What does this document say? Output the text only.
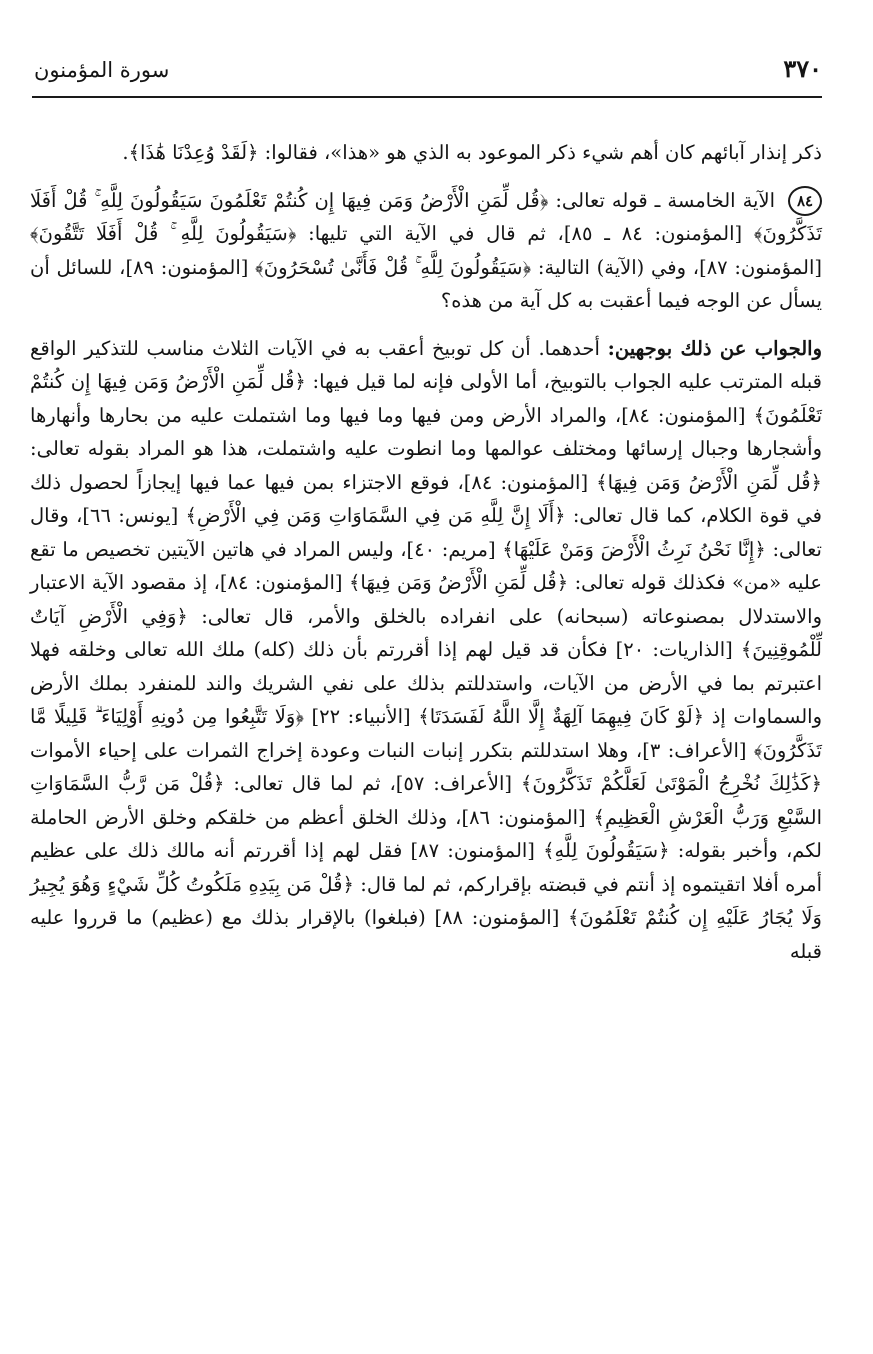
٣٧٠
سورة المؤمنون

ذكر إنذار آبائهم كان أهم شيء ذكر الموعود به الذي هو «هذا»، فقالوا: ﴿لَقَدْ وُعِدْنَا هَٰذَا﴾.

٨٤ الآية الخامسة ـ قوله تعالى: ﴿قُل لِّمَنِ الْأَرْضُ وَمَن فِيهَا إِن كُنتُمْ تَعْلَمُونَ سَيَقُولُونَ لِلَّهِ ۚ قُلْ أَفَلَا تَذَكَّرُونَ﴾ [المؤمنون: ٨٤ ـ ٨٥]، ثم قال في الآية التي تليها: ﴿سَيَقُولُونَ لِلَّهِ ۚ قُلْ أَفَلَا تَتَّقُونَ﴾ [المؤمنون: ٨٧]، وفي (الآية) التالية: ﴿سَيَقُولُونَ لِلَّهِ ۚ قُلْ فَأَنَّىٰ تُسْحَرُونَ﴾ [المؤمنون: ٨٩]، للسائل أن يسأل عن الوجه فيما أعقبت به كل آية من هذه؟

والجواب عن ذلك بوجهين: أحدهما. أن كل توبيخ أعقب به في الآيات الثلاث مناسب للتذكير الواقع قبله المترتب عليه الجواب بالتوبيخ، أما الأولى فإنه لما قيل فيها: ﴿قُل لِّمَنِ الْأَرْضُ وَمَن فِيهَا إِن كُنتُمْ تَعْلَمُونَ﴾ [المؤمنون: ٨٤]، والمراد الأرض ومن فيها وما فيها وما اشتملت عليه من بحارها وأنهارها وأشجارها وجبال إرسائها ومختلف عوالمها وما انطوت عليه واشتملت، هذا هو المراد بقوله تعالى: ﴿قُل لِّمَنِ الْأَرْضُ وَمَن فِيهَا﴾ [المؤمنون: ٨٤]، فوقع الاجتزاء بمن فيها عما فيها إيجازاً لحصول ذلك في قوة الكلام، كما قال تعالى: ﴿أَلَا إِنَّ لِلَّهِ مَن فِي السَّمَاوَاتِ وَمَن فِي الْأَرْضِ﴾ [يونس: ٦٦]، وقال تعالى: ﴿إِنَّا نَحْنُ نَرِثُ الْأَرْضَ وَمَنْ عَلَيْهَا﴾ [مريم: ٤٠]، وليس المراد في هاتين الآيتين تخصيص ما تقع عليه «من» فكذلك قوله تعالى: ﴿قُل لِّمَنِ الْأَرْضُ وَمَن فِيهَا﴾ [المؤمنون: ٨٤]، إذ مقصود الآية الاعتبار والاستدلال بمصنوعاته (سبحانه) على انفراده بالخلق والأمر، قال تعالى: ﴿وَفِي الْأَرْضِ آيَاتٌ لِّلْمُوقِنِينَ﴾ [الذاريات: ٢٠] فكأن قد قيل لهم إذا أقررتم بأن ذلك (كله) ملك الله تعالى وخلقه فهلا اعتبرتم بما في الأرض من الآيات، واستدللتم بذلك على نفي الشريك والند للمنفرد بملك الأرض والسماوات إذ ﴿لَوْ كَانَ فِيهِمَا آلِهَةٌ إِلَّا اللَّهُ لَفَسَدَتَا﴾ [الأنبياء: ٢٢] ﴿وَلَا تَتَّبِعُوا مِن دُونِهِ أَوْلِيَاءَ ۗ قَلِيلًا مَّا تَذَكَّرُونَ﴾ [الأعراف: ٣]، وهلا استدللتم بتكرر إنبات النبات وعودة إخراج الثمرات على إحياء الأموات ﴿كَذَٰلِكَ نُخْرِجُ الْمَوْتَىٰ لَعَلَّكُمْ تَذَكَّرُونَ﴾ [الأعراف: ٥٧]، ثم لما قال تعالى: ﴿قُلْ مَن رَّبُّ السَّمَاوَاتِ السَّبْعِ وَرَبُّ الْعَرْشِ الْعَظِيمِ﴾ [المؤمنون: ٨٦]، وذلك الخلق أعظم من خلقكم وخلق الأرض الحاملة لكم، وأخبر بقوله: ﴿سَيَقُولُونَ لِلَّهِ﴾ [المؤمنون: ٨٧] فقل لهم إذا أقررتم أنه مالك ذلك على عظيم أمره أفلا اتقيتموه إذ أنتم في قبضته بإقراركم، ثم لما قال: ﴿قُلْ مَن بِيَدِهِ مَلَكُوتُ كُلِّ شَيْءٍ وَهُوَ يُجِيرُ وَلَا يُجَارُ عَلَيْهِ إِن كُنتُمْ تَعْلَمُونَ﴾ [المؤمنون: ٨٨] (فبلغوا) بالإقرار بذلك مع (عظيم) ما قرروا عليه قبله
